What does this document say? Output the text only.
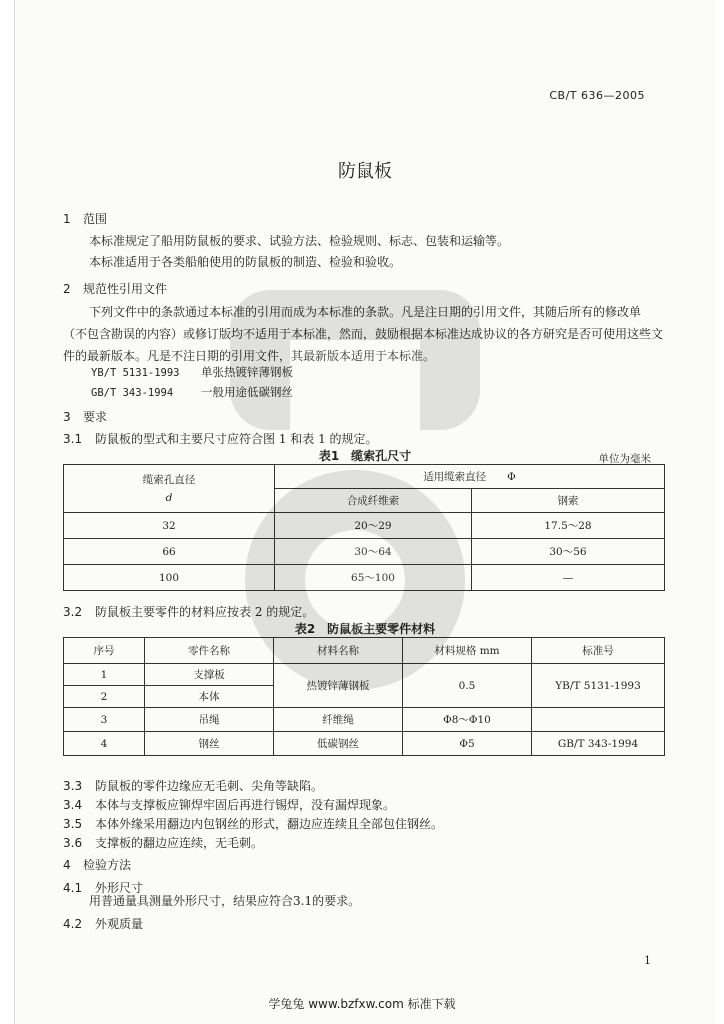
CB/T 636—2005
防鼠板
1 范围
本标准规定了船用防鼠板的要求、试验方法、检验规则、标志、包装和运输等。
本标准适用于各类船舶使用的防鼠板的制造、检验和验收。
2 规范性引用文件
下列文件中的条款通过本标准的引用而成为本标准的条款。凡是注日期的引用文件，其随后所有的修改单（不包含勘误的内容）或修订版均不适用于本标准，然而，鼓励根据本标准达成协议的各方研究是否可使用这些文件的最新版本。凡是不注日期的引用文件，其最新版本适用于本标准。
YB/T 5131-1993 单张热镀锌薄钢板
GB/T 343-1994 一般用途低碳钢丝
3 要求
3.1 防鼠板的型式和主要尺寸应符合图 1 和表 1 的规定。
表1　缆索孔尺寸	单位为毫米
缆索孔直径
d	适用缆索直径　　Φ	
	合成纤维索	钢索
32	20～29	17.5～28
66	30～64	30～56
100	65～100	—
3.2 防鼠板主要零件的材料应按表 2 的规定。
表2　防鼠板主要零件材料
序号	零件名称	材料名称	材料规格 mm	标准号
1	支撑板	热镀锌薄钢板	0.5	YB/T 5131-1993
2	本体			
3	吊绳	纤维绳	Φ8～Φ10	
4	钢丝	低碳钢丝	Φ5	GB/T 343-1994
3.3 防鼠板的零件边缘应无毛刺、尖角等缺陷。
3.4 本体与支撑板应铆焊牢固后再进行锡焊，没有漏焊现象。
3.5 本体外缘采用翻边内包钢丝的形式，翻边应连续且全部包住钢丝。
3.6 支撑板的翻边应连续，无毛刺。
4 检验方法
4.1 外形尺寸
用普通量具测量外形尺寸，结果应符合3.1的要求。
4.2 外观质量
1
学兔兔 www.bzfxw.com 标准下载
